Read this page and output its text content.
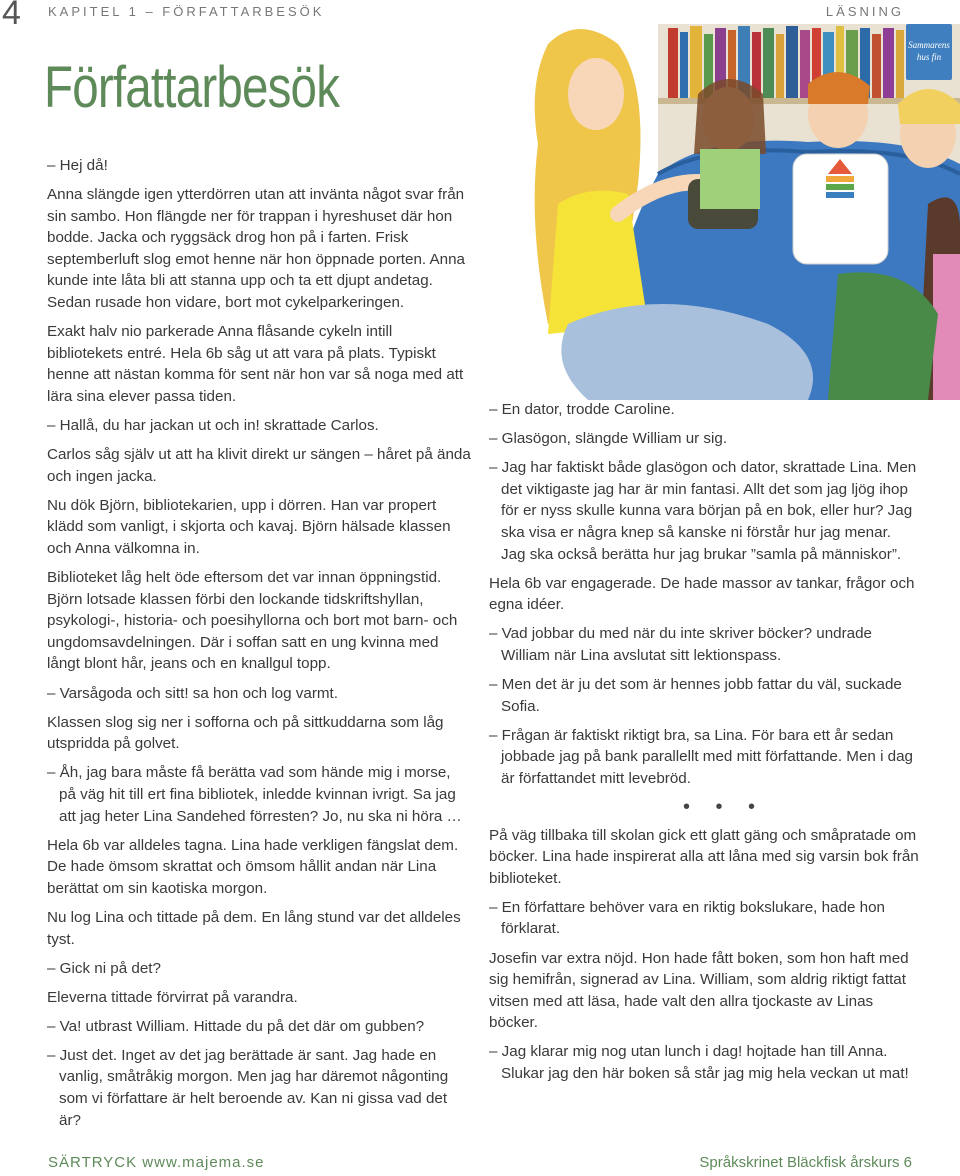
4 KAPITEL 1 – FÖRFATTARBESÖK	LÄSNING
Författarbesök
Sammarens
hus fin

– Hej då!

Anna slängde igen ytterdörren utan att invänta något svar från sin sambo. Hon flängde ner för trappan i hyreshuset där hon bodde. Jacka och ryggsäck drog hon på i farten. Frisk septemberluft slog emot henne när hon öppnade porten. Anna kunde inte låta bli att stanna upp och ta ett djupt andetag. Sedan rusade hon vidare, bort mot cykelparkeringen.

Exakt halv nio parkerade Anna flåsande cykeln intill bibliotekets entré. Hela 6b såg ut att vara på plats. Typiskt henne att nästan komma för sent när hon var så noga med att lära sina elever passa tiden.

– Hallå, du har jackan ut och in! skrattade Carlos.

Carlos såg själv ut att ha klivit direkt ur sängen – håret på ända och ingen jacka.

Nu dök Björn, bibliotekarien, upp i dörren. Han var propert klädd som vanligt, i skjorta och kavaj. Björn hälsade klassen och Anna välkomna in.

Biblioteket låg helt öde eftersom det var innan öppningstid. Björn lotsade klassen förbi den lockande tidskriftshyllan, psykologi-, historia- och poesihyllorna och bort mot barn- och ungdomsavdelningen. Där i soffan satt en ung kvinna med långt blont hår, jeans och en knallgul topp.

– Varsågoda och sitt! sa hon och log varmt.

Klassen slog sig ner i sofforna och på sittkuddarna som låg utspridda på golvet.

– Åh, jag bara måste få berätta vad som hände mig i morse, på väg hit till ert fina bibliotek, inledde kvinnan ivrigt. Sa jag att jag heter Lina Sandehed förresten? Jo, nu ska ni höra …

Hela 6b var alldeles tagna. Lina hade verkligen fängslat dem. De hade ömsom skrattat och ömsom hållit andan när Lina berättat om sin kaotiska morgon.

Nu log Lina och tittade på dem. En lång stund var det alldeles tyst.

– Gick ni på det?

Eleverna tittade förvirrat på varandra.

– Va! utbrast William. Hittade du på det där om gubben?

– Just det. Inget av det jag berättade är sant. Jag hade en vanlig, småtråkig morgon. Men jag har däremot någonting som vi författare är helt beroende av. Kan ni gissa vad det är?

– En dator, trodde Caroline.

– Glasögon, slängde William ur sig.

– Jag har faktiskt både glasögon och dator, skrattade Lina. Men det viktigaste jag har är min fantasi. Allt det som jag ljög ihop för er nyss skulle kunna vara början på en bok, eller hur? Jag ska visa er några knep så kanske ni förstår hur jag menar. Jag ska också berätta hur jag brukar ”samla på människor”.

Hela 6b var engagerade. De hade massor av tankar, frågor och egna idéer.

– Vad jobbar du med när du inte skriver böcker? undrade William när Lina avslutat sitt lektionspass.

– Men det är ju det som är hennes jobb fattar du väl, suckade Sofia.

– Frågan är faktiskt riktigt bra, sa Lina. För bara ett år sedan jobbade jag på bank parallellt med mitt författande. Men i dag är författandet mitt levebröd.

• • •

På väg tillbaka till skolan gick ett glatt gäng och småpratade om böcker. Lina hade inspirerat alla att låna med sig varsin bok från biblioteket.

– En författare behöver vara en riktig bokslukare, hade hon förklarat.

Josefin var extra nöjd. Hon hade fått boken, som hon haft med sig hemifrån, signerad av Lina. William, som aldrig riktigt fattat vitsen med att läsa, hade valt den allra tjockaste av Linas böcker.

– Jag klarar mig nog utan lunch i dag! hojtade han till Anna. Slukar jag den här boken så står jag mig hela veckan ut mat!

SÄRTRYCK www.majema.se	Språkskrinet Bläckfisk årskurs 6
